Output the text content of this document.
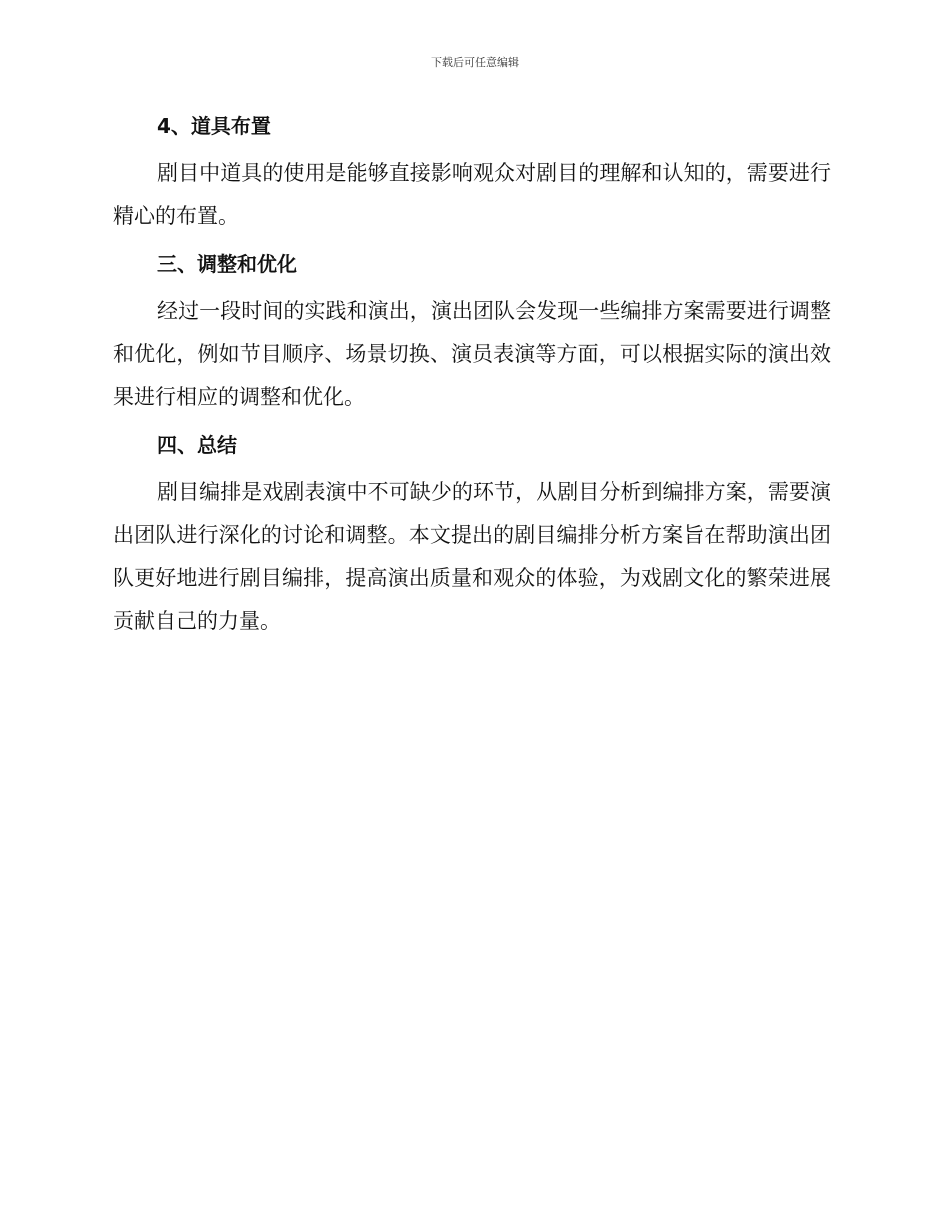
下载后可任意编辑
4、道具布置

剧目中道具的使用是能够直接影响观众对剧目的理解和认知的，需要进行精心的布置。

三、调整和优化

经过一段时间的实践和演出，演出团队会发现一些编排方案需要进行调整和优化，例如节目顺序、场景切换、演员表演等方面，可以根据实际的演出效果进行相应的调整和优化。

四、总结

剧目编排是戏剧表演中不可缺少的环节，从剧目分析到编排方案，需要演出团队进行深化的讨论和调整。本文提出的剧目编排分析方案旨在帮助演出团队更好地进行剧目编排，提高演出质量和观众的体验，为戏剧文化的繁荣进展贡献自己的力量。
